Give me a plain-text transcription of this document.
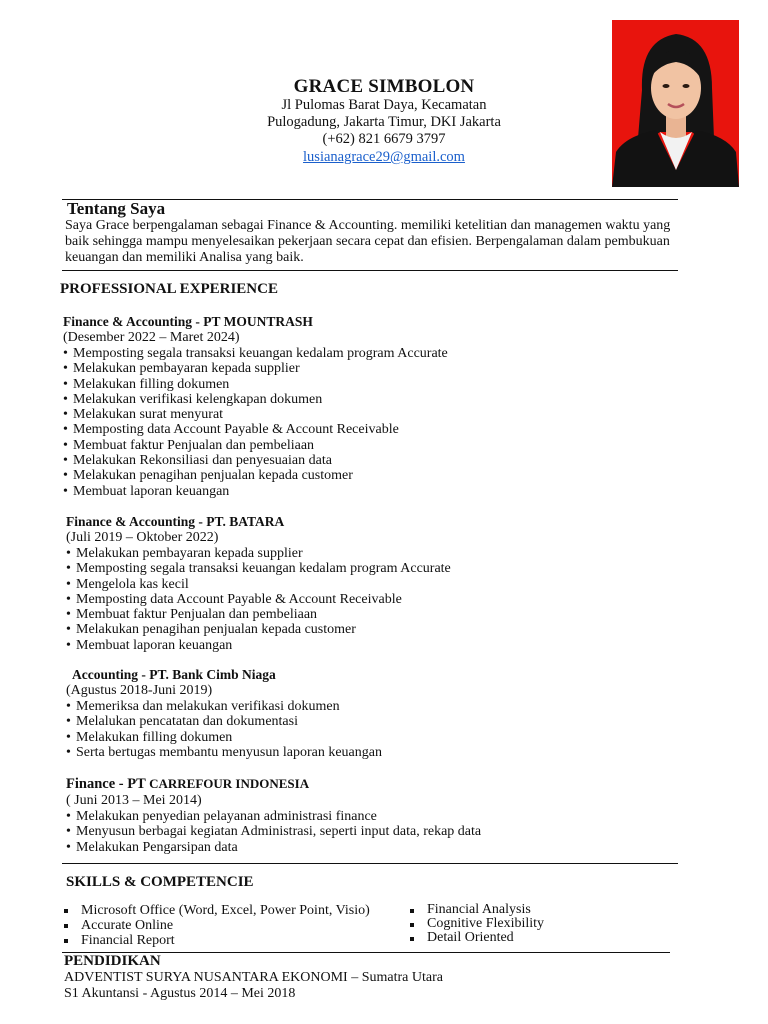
GRACE SIMBOLON
Jl Pulomas Barat Daya, Kecamatan
Pulogadung, Jakarta Timur, DKI Jakarta
(+62) 821 6679 3797
lusianagrace29@gmail.com
Tentang Saya
Saya Grace berpengalaman sebagai Finance & Accounting. memiliki ketelitian dan managemen waktu yang baik sehingga mampu menyelesaikan pekerjaan secara cepat dan efisien. Berpengalaman dalam pembukuan keuangan dan memiliki Analisa yang baik.
PROFESSIONAL EXPERIENCE
Finance & Accounting - PT MOUNTRASH
(Desember 2022 – Maret 2024)
• Memposting segala transaksi keuangan kedalam program Accurate
• Melakukan pembayaran kepada supplier
• Melakukan filling dokumen
• Melakukan verifikasi kelengkapan dokumen
• Melakukan surat menyurat
• Memposting data Account Payable & Account Receivable
• Membuat faktur Penjualan dan pembeliaan
• Melakukan Rekonsiliasi dan penyesuaian data
• Melakukan penagihan penjualan kepada customer
• Membuat laporan keuangan
Finance & Accounting - PT. BATARA
(Juli 2019 – Oktober 2022)
• Melakukan pembayaran kepada supplier
• Memposting segala transaksi keuangan kedalam program Accurate
• Mengelola kas kecil
• Memposting data Account Payable & Account Receivable
• Membuat faktur Penjualan dan pembeliaan
• Melakukan penagihan penjualan kepada customer
• Membuat laporan keuangan
Accounting - PT. Bank Cimb Niaga
(Agustus 2018-Juni 2019)
• Memeriksa dan melakukan verifikasi dokumen
• Melalukan pencatatan dan dokumentasi
• Melakukan filling dokumen
• Serta bertugas membantu menyusun laporan keuangan
Finance - PT CARREFOUR INDONESIA
( Juni 2013 – Mei 2014)
• Melakukan penyedian pelayanan administrasi finance
• Menyusun berbagai kegiatan Administrasi, seperti input data, rekap data
• Melakukan Pengarsipan data
SKILLS & COMPETENCIE
Microsoft Office (Word, Excel, Power Point, Visio)
Accurate Online
Financial Report
Financial Analysis
Cognitive Flexibility
Detail Oriented
PENDIDIKAN
ADVENTIST SURYA NUSANTARA EKONOMI – Sumatra Utara
S1 Akuntansi - Agustus 2014 – Mei 2018
